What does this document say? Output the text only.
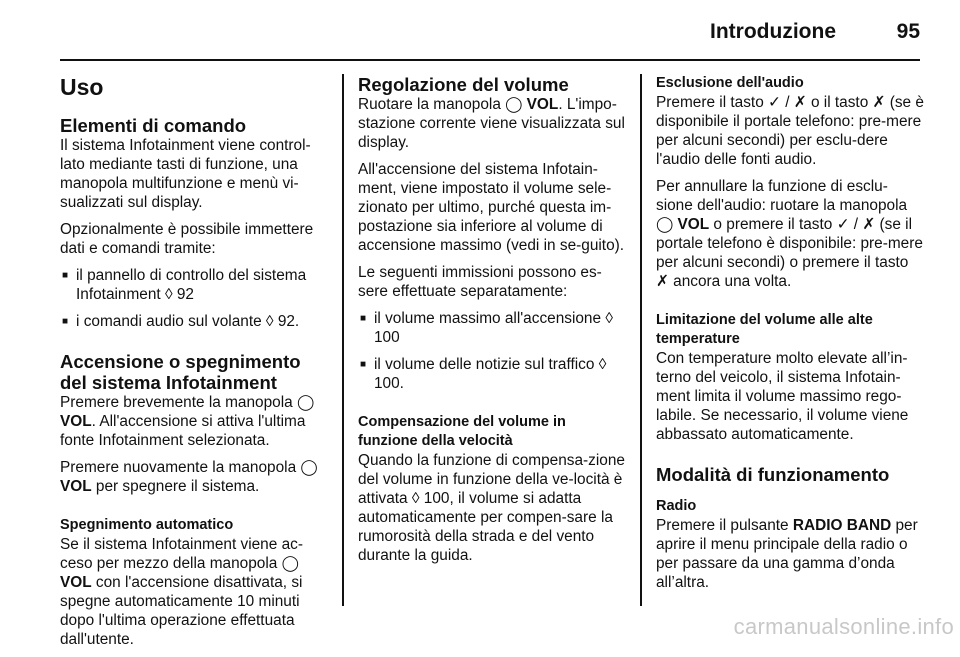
Introduzione	95
Uso
Elementi di comando

Il sistema Infotainment viene control-lato mediante tasti di funzione, una manopola multifunzione e menù vi-sualizzati sul display.

Opzionalmente è possibile immettere dati e comandi tramite:

■ il pannello di controllo del sistema Infotainment ◊ 92
■ i comandi audio sul volante ◊ 92.
Accensione o spegnimento del sistema Infotainment

Premere brevemente la manopola ◯ VOL. All'accensione si attiva l'ultima fonte Infotainment selezionata.

Premere nuovamente la manopola ◯ VOL per spegnere il sistema.

Spegnimento automatico

Se il sistema Infotainment viene ac-ceso per mezzo della manopola ◯ VOL con l'accensione disattivata, si spegne automaticamente 10 minuti dopo l'ultima operazione effettuata dall'utente.

Regolazione del volume

Ruotare la manopola ◯ VOL. L'impo-stazione corrente viene visualizzata sul display.

All'accensione del sistema Infotain-ment, viene impostato il volume sele-zionato per ultimo, purché questa im-postazione sia inferiore al volume di accensione massimo (vedi in se-guito).

Le seguenti immissioni possono es-sere effettuate separatamente:

■ il volume massimo all'accensione ◊ 100
■ il volume delle notizie sul traffico ◊ 100.
Compensazione del volume in funzione della velocità

Quando la funzione di compensa-zione del volume in funzione della ve-locità è attivata ◊ 100, il volume si adatta automaticamente per compen-sare la rumorosità della strada e del vento durante la guida.

Esclusione dell'audio

Premere il tasto ✓ / ✗ o il tasto ✗ (se è disponibile il portale telefono: pre-mere per alcuni secondi) per esclu-dere l'audio delle fonti audio.

Per annullare la funzione di esclu-sione dell'audio: ruotare la manopola ◯ VOL o premere il tasto ✓ / ✗ (se il portale telefono è disponibile: pre-mere per alcuni secondi) o premere il tasto ✗ ancora una volta.

Limitazione del volume alle alte temperature

Con temperature molto elevate all’in-terno del veicolo, il sistema Infotain-ment limita il volume massimo rego-labile. Se necessario, il volume viene abbassato automaticamente.

Modalità di funzionamento
Radio

Premere il pulsante RADIO BAND per aprire il menu principale della radio o per passare da una gamma d’onda all’altra.

carmanualsonline.info
